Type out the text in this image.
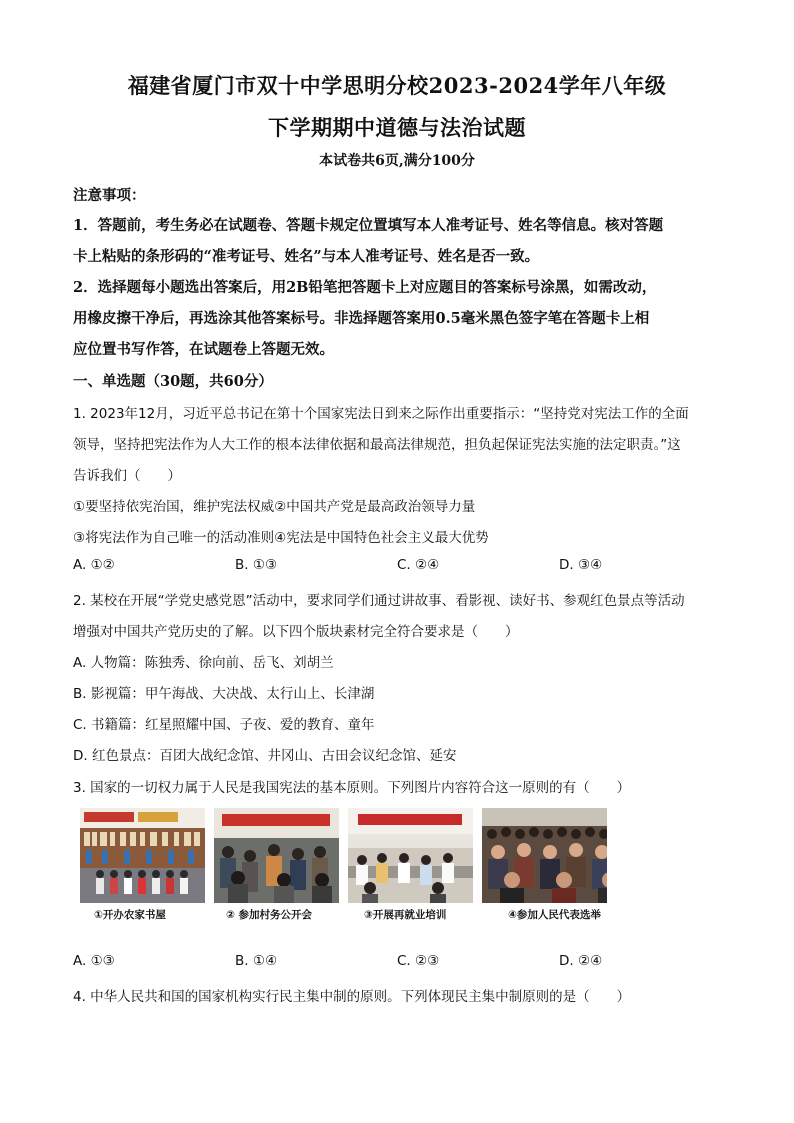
福建省厦门市双十中学思明分校2023-2024学年八年级
下学期期中道德与法治试题
本试卷共6页,满分100分
注意事项：
1．答题前，考生务必在试题卷、答题卡规定位置填写本人准考证号、姓名等信息。核对答题
卡上粘贴的条形码的“准考证号、姓名”与本人准考证号、姓名是否一致。
2．选择题每小题选出答案后，用2B铅笔把答题卡上对应题目的答案标号涂黑，如需改动，
用橡皮擦干净后，再选涂其他答案标号。非选择题答案用0.5毫米黑色签字笔在答题卡上相
应位置书写作答，在试题卷上答题无效。
一、单选题（30题，共60分）
1. 2023年12月，习近平总书记在第十个国家宪法日到来之际作出重要指示：“坚持党对宪法工作的全面
领导，坚持把宪法作为人大工作的根本法律依据和最高法律规范，担负起保证宪法实施的法定职责。”这
告诉我们（　　）
①要坚持依宪治国，维护宪法权威②中国共产党是最高政治领导力量
③将宪法作为自己唯一的活动准则④宪法是中国特色社会主义最大优势
A. ①②	B. ①③	C. ②④	D. ③④
2. 某校在开展“学党史感党恩”活动中，要求同学们通过讲故事、看影视、读好书、参观红色景点等活动
增强对中国共产党历史的了解。以下四个版块素材完全符合要求是（　　）
A. 人物篇：陈独秀、徐向前、岳飞、刘胡兰
B. 影视篇：甲午海战、大决战、太行山上、长津湖
C. 书籍篇：红星照耀中国、子夜、爱的教育、童年
D. 红色景点：百团大战纪念馆、井冈山、古田会议纪念馆、延安
3. 国家的一切权力属于人民是我国宪法的基本原则。下列图片内容符合这一原则的有（　　）
①开办农家书屋	② 参加村务公开会	③开展再就业培训	④参加人民代表选举
A. ①③	B. ①④	C. ②③	D. ②④
4. 中华人民共和国的国家机构实行民主集中制的原则。下列体现民主集中制原则的是（　　）
